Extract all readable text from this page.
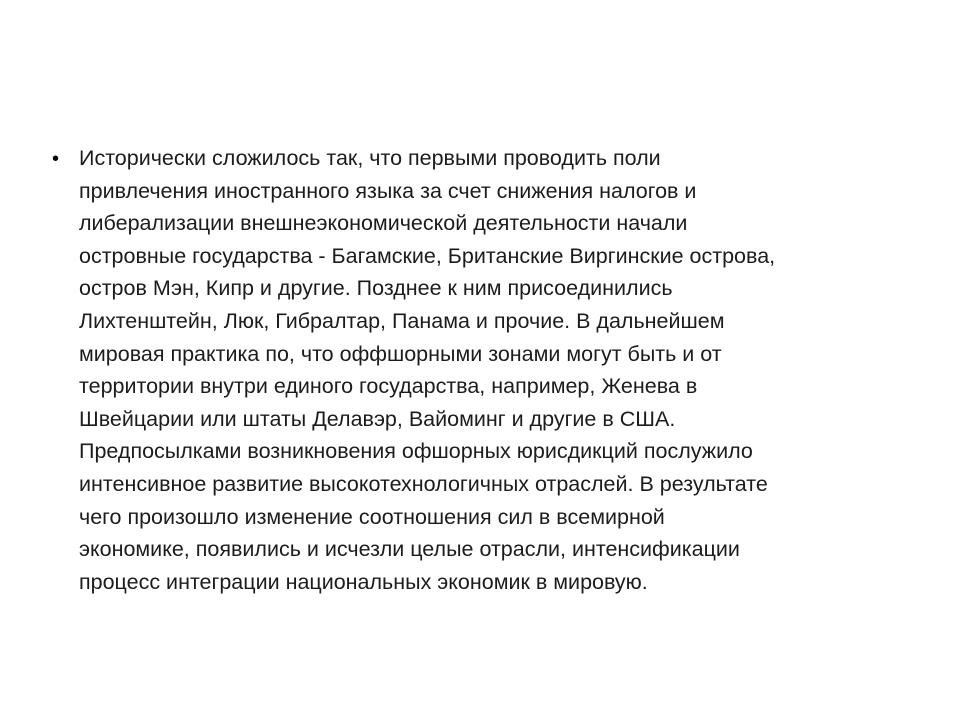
• Исторически сложилось так, что первыми проводить поли
привлечения иностранного языка за счет снижения налогов и
либерализации внешнеэкономической деятельности начали
островные государства - Багамские, Британские Виргинские острова,
остров Мэн, Кипр и другие. Позднее к ним присоединились
Лихтенштейн, Люк, Гибралтар, Панама и прочие. В дальнейшем
мировая практика по, что оффшорными зонами могут быть и от
территории внутри единого государства, например, Женева в
Швейцарии или штаты Делавэр, Вайоминг и другие в США.
Предпосылками возникновения офшорных юрисдикций послужило
интенсивное развитие высокотехнологичных отраслей. В результате
чего произошло изменение соотношения сил в всемирной
экономике, появились и исчезли целые отрасли, интенсификации
процесс интеграции национальных экономик в мировую.
